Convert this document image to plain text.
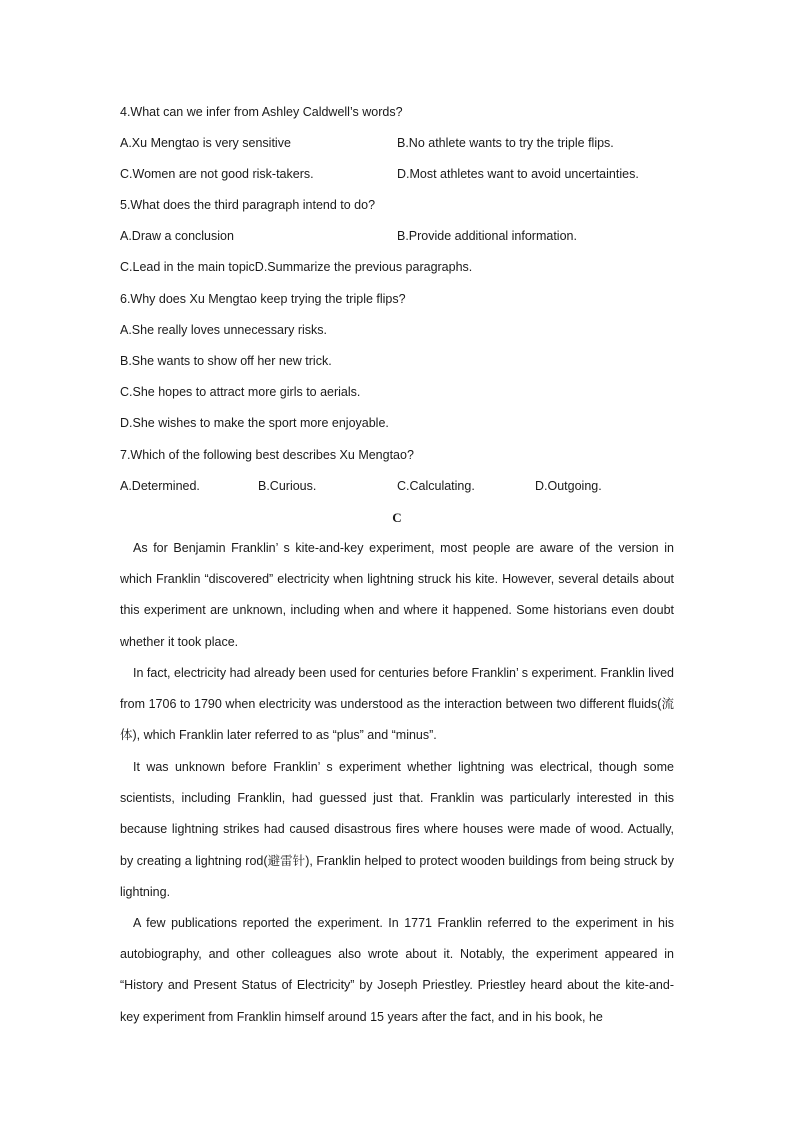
4.What can we infer from Ashley Caldwell’s words?
A.Xu Mengtao is very sensitive	B.No athlete wants to try the triple flips.
C.Women are not good risk-takers.	D.Most athletes want to avoid uncertainties.
5.What does the third paragraph intend to do?
A.Draw a conclusion	B.Provide additional information.
C.Lead in the main topicD.Summarize the previous paragraphs.
6.Why does Xu Mengtao keep trying the triple flips?
A.She really loves unnecessary risks.
B.She wants to show off her new trick.
C.She hopes to attract more girls to aerials.
D.She wishes to make the sport more enjoyable.
7.Which of the following best describes Xu Mengtao?
A.Determined.	B.Curious.	C.Calculating.	D.Outgoing.
C

As for Benjamin Franklin’ s kite-and-key experiment, most people are aware of the version in which Franklin “discovered” electricity when lightning struck his kite. However, several details about this experiment are unknown, including when and where it happened. Some historians even doubt whether it took place.

In fact, electricity had already been used for centuries before Franklin’ s experiment. Franklin lived from 1706 to 1790 when electricity was understood as the interaction between two different fluids(流体), which Franklin later referred to as “plus” and “minus”.

It was unknown before Franklin’ s experiment whether lightning was electrical, though some scientists, including Franklin, had guessed just that. Franklin was particularly interested in this because lightning strikes had caused disastrous fires where houses were made of wood. Actually, by creating a lightning rod(避雷针), Franklin helped to protect wooden buildings from being struck by lightning.

A few publications reported the experiment. In 1771 Franklin referred to the experiment in his autobiography, and other colleagues also wrote about it. Notably, the experiment appeared in “History and Present Status of Electricity” by Joseph Priestley. Priestley heard about the kite-and-key experiment from Franklin himself around 15 years after the fact, and in his book, he
